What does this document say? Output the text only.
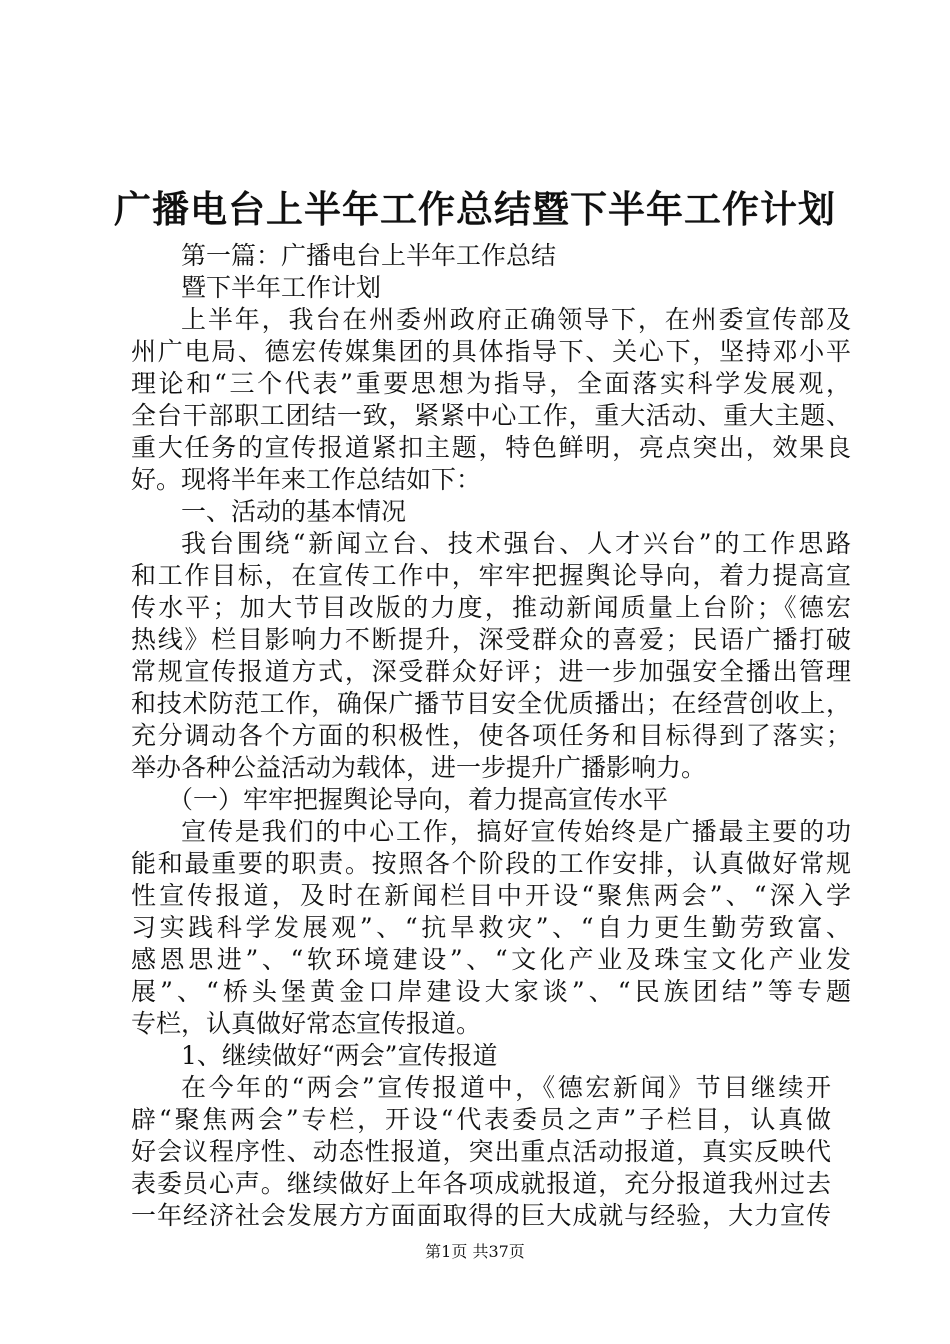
广播电台上半年工作总结暨下半年工作计划
第一篇：广播电台上半年工作总结
暨下半年工作计划
上半年，我台在州委州政府正确领导下，在州委宣传部及
州广电局、德宏传媒集团的具体指导下、关心下，坚持邓小平
理论和“三个代表”重要思想为指导，全面落实科学发展观，
全台干部职工团结一致，紧紧中心工作，重大活动、重大主题、
重大任务的宣传报道紧扣主题，特色鲜明，亮点突出，效果良
好。现将半年来工作总结如下：
一、活动的基本情况
我台围绕“新闻立台、技术强台、人才兴台”的工作思路
和工作目标，在宣传工作中，牢牢把握舆论导向，着力提高宣
传水平；加大节目改版的力度，推动新闻质量上台阶；《德宏
热线》栏目影响力不断提升，深受群众的喜爱；民语广播打破
常规宣传报道方式，深受群众好评；进一步加强安全播出管理
和技术防范工作，确保广播节目安全优质播出；在经营创收上，
充分调动各个方面的积极性，使各项任务和目标得到了落实；
举办各种公益活动为载体，进一步提升广播影响力。
（一）牢牢把握舆论导向，着力提高宣传水平
宣传是我们的中心工作，搞好宣传始终是广播最主要的功
能和最重要的职责。按照各个阶段的工作安排，认真做好常规
性宣传报道，及时在新闻栏目中开设“聚焦两会”、“深入学
习实践科学发展观”、“抗旱救灾”、“自力更生勤劳致富、
感恩思进”、“软环境建设”、“文化产业及珠宝文化产业发
展”、“桥头堡黄金口岸建设大家谈”、“民族团结”等专题
专栏，认真做好常态宣传报道。
1、继续做好“两会”宣传报道
在今年的“两会”宣传报道中，《德宏新闻》节目继续开
辟“聚焦两会”专栏，开设“代表委员之声”子栏目，认真做
好会议程序性、动态性报道，突出重点活动报道，真实反映代
表委员心声。继续做好上年各项成就报道，充分报道我州过去
一年经济社会发展方方面面取得的巨大成就与经验，大力宣传
第1页 共37页
